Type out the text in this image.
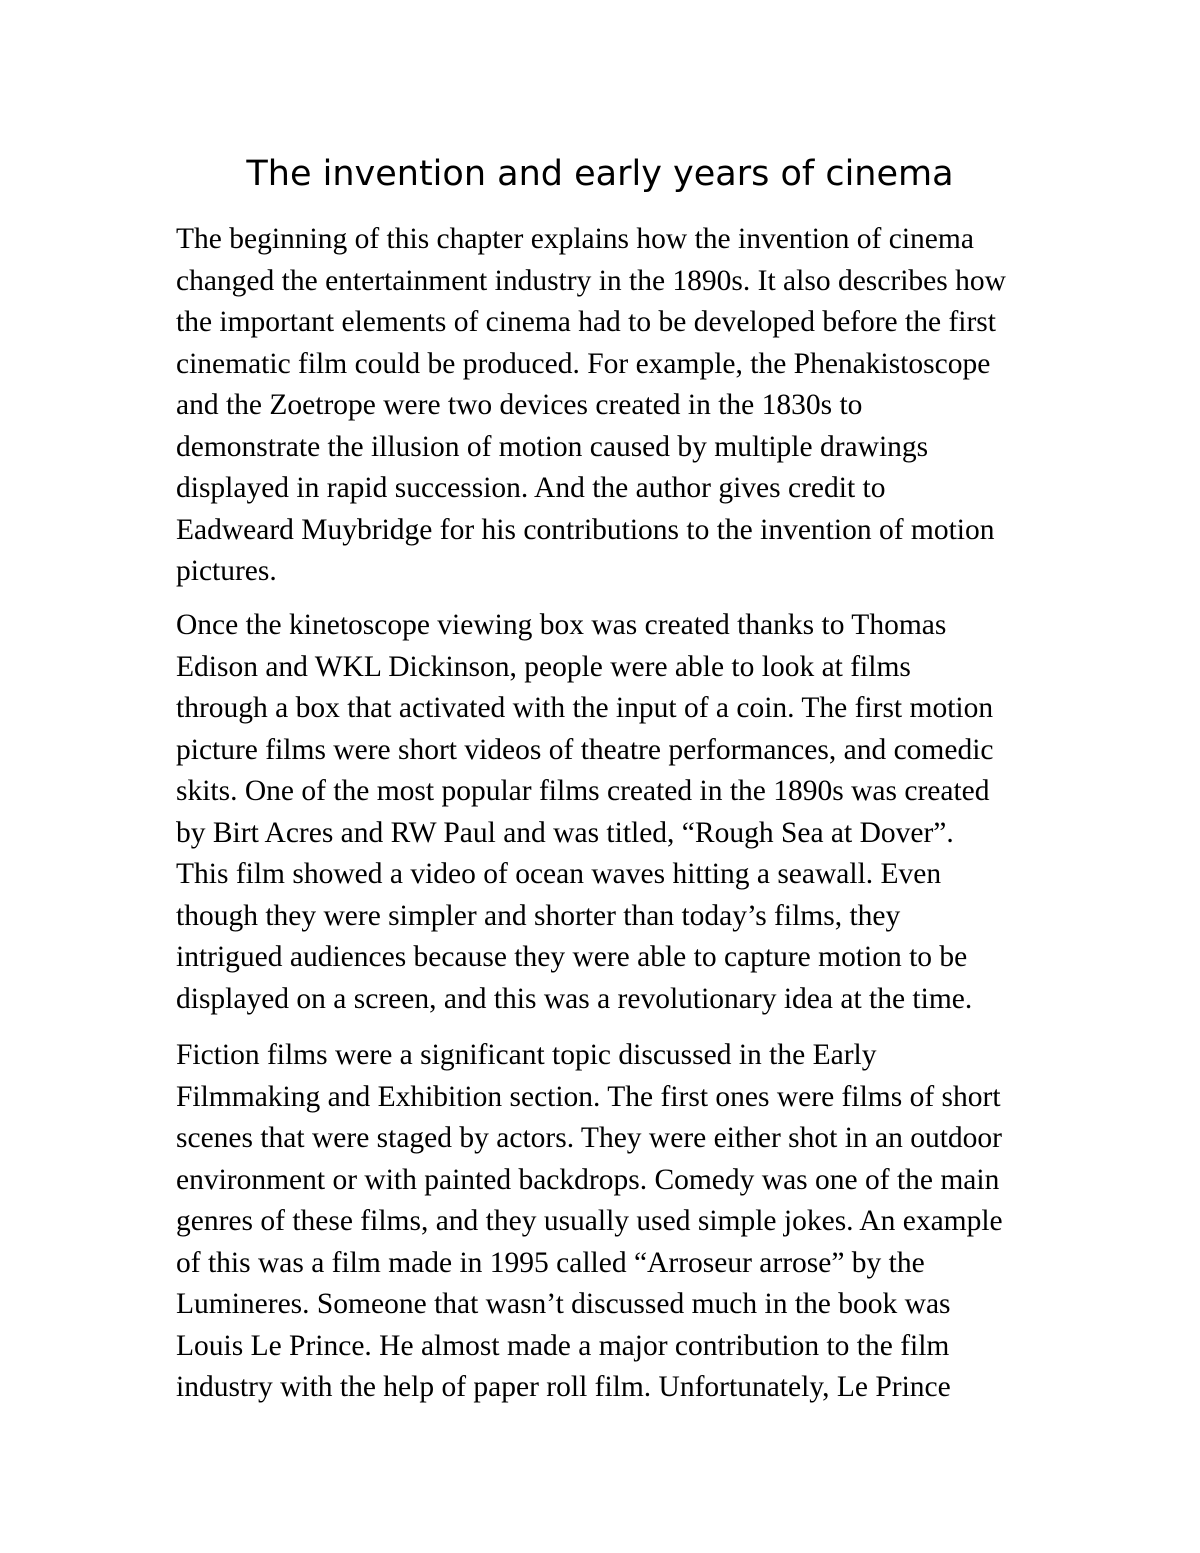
The invention and early years of cinema
The beginning of this chapter explains how the invention of cinema
changed the entertainment industry in the 1890s. It also describes how
the important elements of cinema had to be developed before the first
cinematic film could be produced. For example, the Phenakistoscope
and the Zoetrope were two devices created in the 1830s to
demonstrate the illusion of motion caused by multiple drawings
displayed in rapid succession. And the author gives credit to
Eadweard Muybridge for his contributions to the invention of motion
pictures.
Once the kinetoscope viewing box was created thanks to Thomas
Edison and WKL Dickinson, people were able to look at films
through a box that activated with the input of a coin. The first motion
picture films were short videos of theatre performances, and comedic
skits. One of the most popular films created in the 1890s was created
by Birt Acres and RW Paul and was titled, “Rough Sea at Dover”.
This film showed a video of ocean waves hitting a seawall. Even
though they were simpler and shorter than today’s films, they
intrigued audiences because they were able to capture motion to be
displayed on a screen, and this was a revolutionary idea at the time.
Fiction films were a significant topic discussed in the Early
Filmmaking and Exhibition section. The first ones were films of short
scenes that were staged by actors. They were either shot in an outdoor
environment or with painted backdrops. Comedy was one of the main
genres of these films, and they usually used simple jokes. An example
of this was a film made in 1995 called “Arroseur arrose” by the
Lumineres. Someone that wasn’t discussed much in the book was
Louis Le Prince. He almost made a major contribution to the film
industry with the help of paper roll film. Unfortunately, Le Prince
